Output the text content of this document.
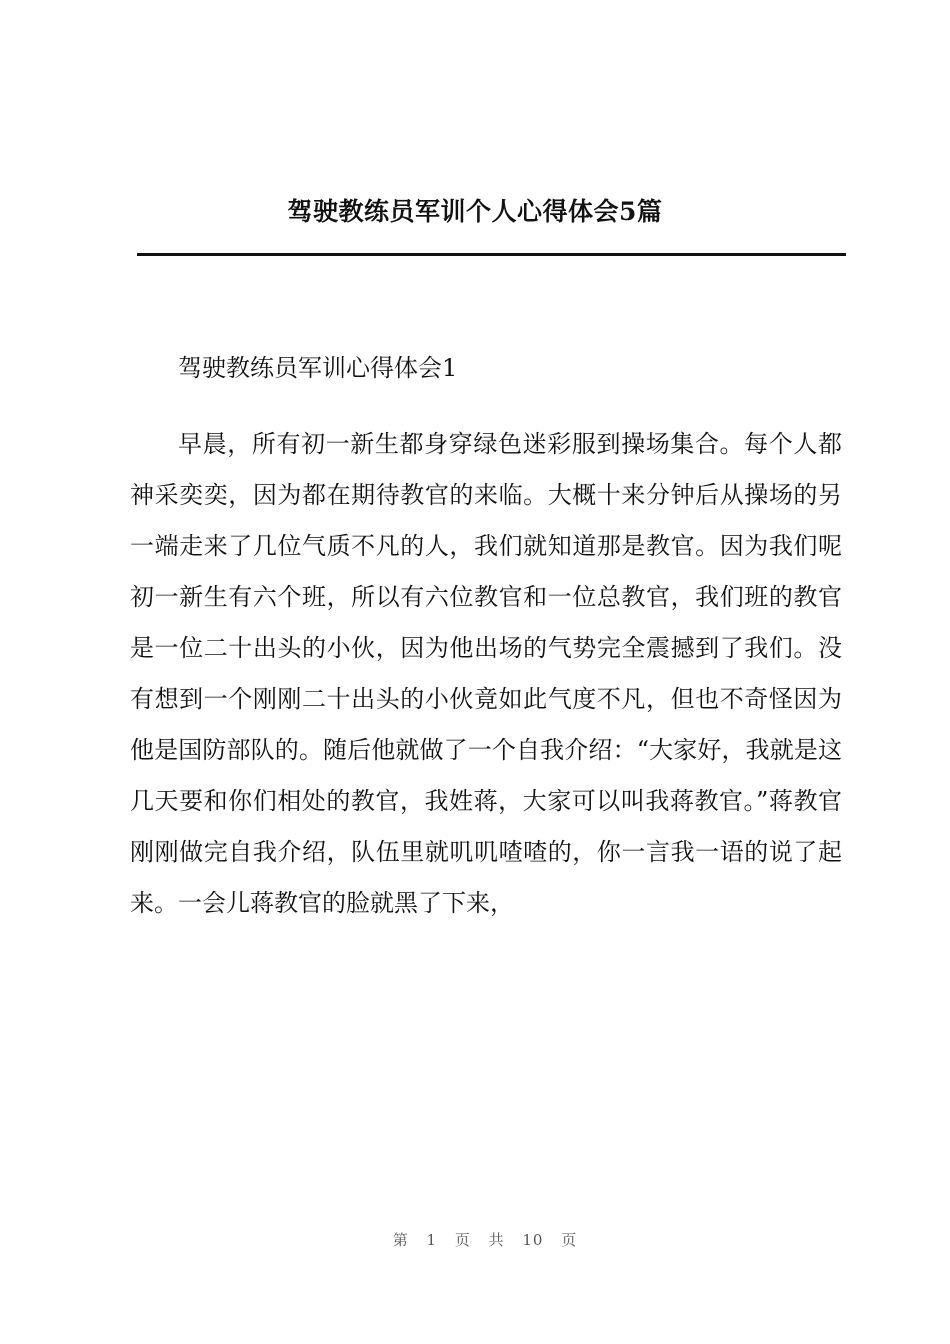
驾驶教练员军训个人心得体会5篇

驾驶教练员军训心得体会1

早晨，所有初一新生都身穿绿色迷彩服到操场集合。每个人都神采奕奕，因为都在期待教官的来临。大概十来分钟后从操场的另一端走来了几位气质不凡的人，我们就知道那是教官。因为我们呢初一新生有六个班，所以有六位教官和一位总教官，我们班的教官是一位二十出头的小伙，因为他出场的气势完全震撼到了我们。没有想到一个刚刚二十出头的小伙竟如此气度不凡，但也不奇怪因为他是国防部队的。随后他就做了一个自我介绍：“大家好，我就是这几天要和你们相处的教官，我姓蒋，大家可以叫我蒋教官。”蒋教官刚刚做完自我介绍，队伍里就叽叽喳喳的，你一言我一语的说了起来。一会儿蒋教官的脸就黑了下来，

第 1 页 共 10 页
